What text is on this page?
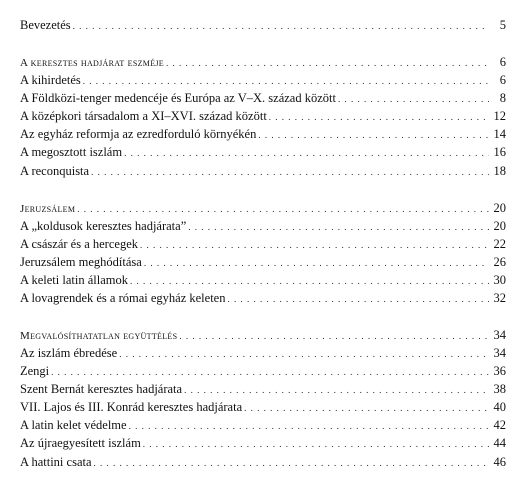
Bevezetés . . .	5
A keresztes hadjárat eszméje . . .	6
A kihirdetés . . .	6
A Földközi-tenger medencéje és Európa az V–X. század között . . .	8
A középkori társadalom a XI–XVI. század között . . .	12
Az egyház reformja az ezredforduló környékén . . .	14
A megosztott iszlám . . .	16
A reconquista . . .	18
Jeruzsálem . . .	20
A „koldusok keresztes hadjárata” . . .	20
A császár és a hercegek . . .	22
Jeruzsálem meghódítása . . .	26
A keleti latin államok . . .	30
A lovagrendek és a római egyház keleten . . .	32
Megvalósíthatatlan együttélés . . .	34
Az iszlám ébredése . . .	34
Zengi . . .	36
Szent Bernát keresztes hadjárata . . .	38
VII. Lajos és III. Konrád keresztes hadjárata . . .	40
A latin kelet védelme . . .	42
Az újraegyesített iszlám . . .	44
A hattini csata . . .	46
